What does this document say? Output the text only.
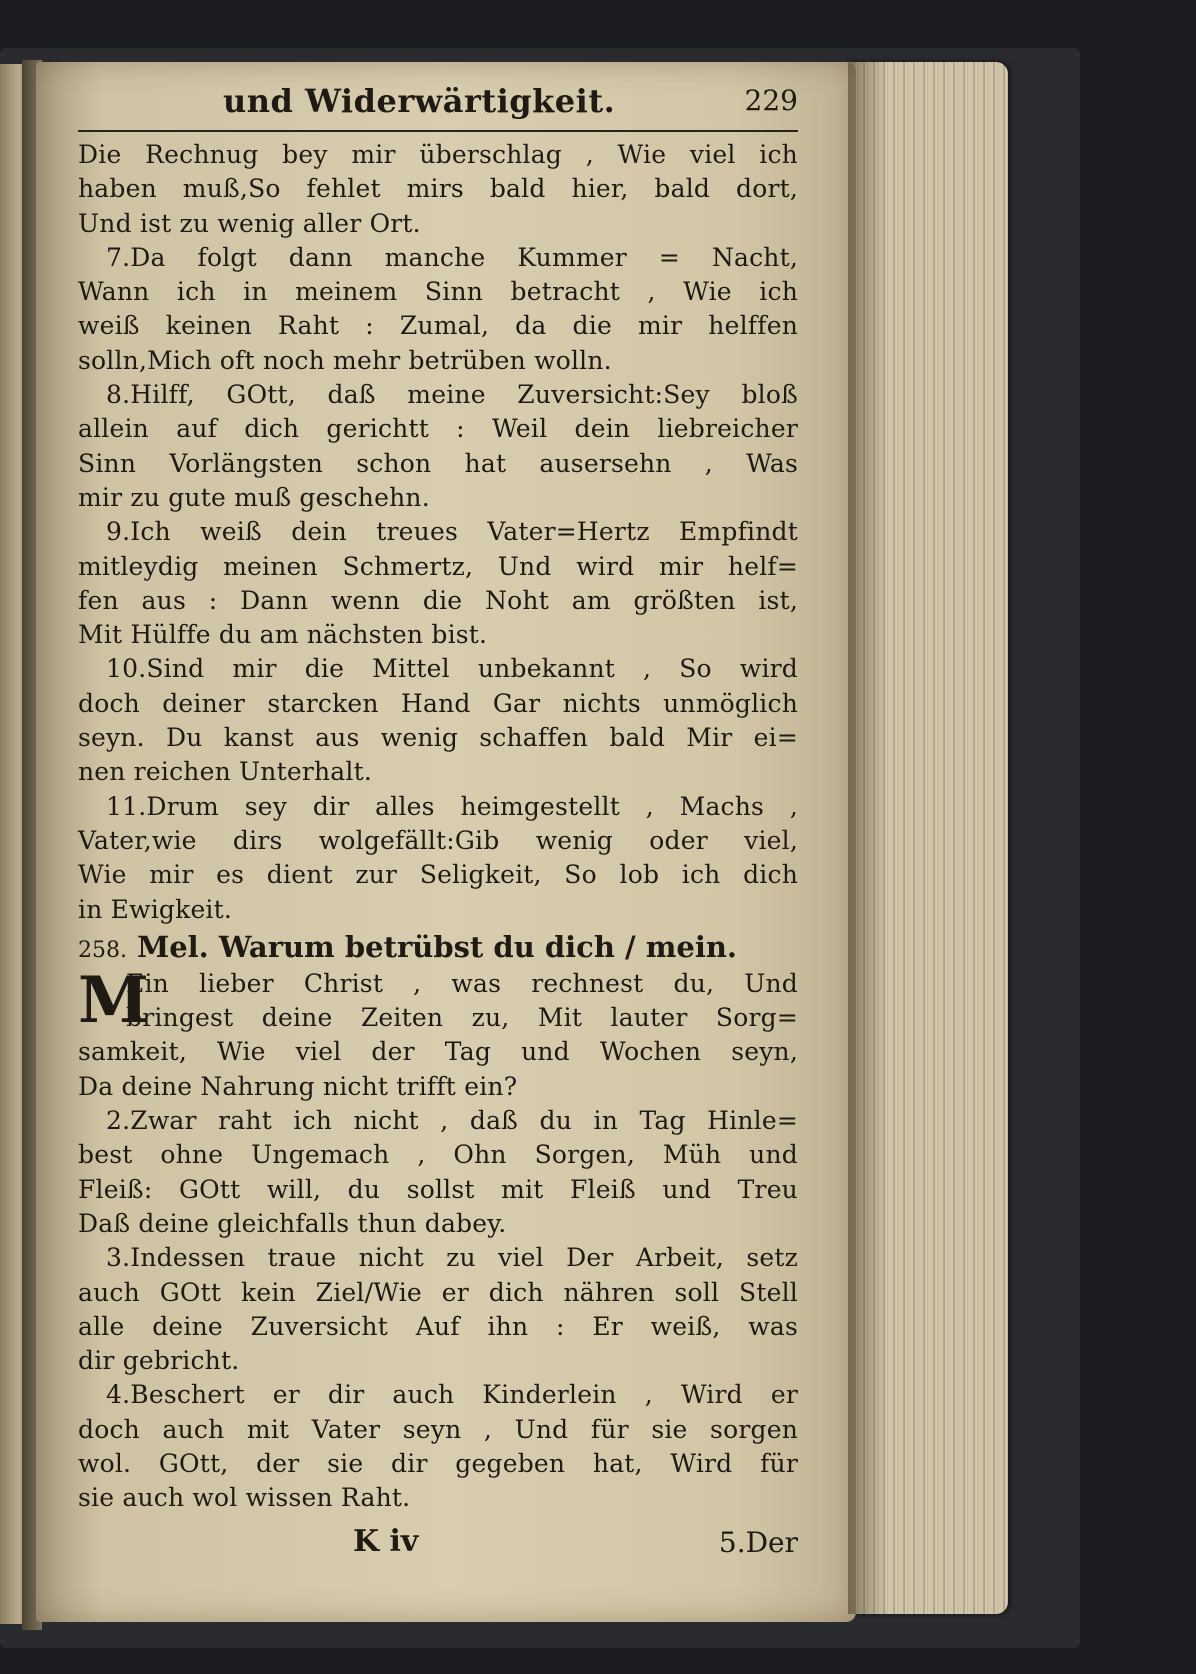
und Widerwärtigkeit.	229
Die Rechnug bey mir überschlag , Wie viel ich
haben muß,So fehlet mirs bald hier, bald dort,
Und ist zu wenig aller Ort.
7.Da folgt dann manche Kummer = Nacht,
Wann ich in meinem Sinn betracht , Wie ich
weiß keinen Raht : Zumal, da die mir helffen
solln,Mich oft noch mehr betrüben wolln.
8.Hilff, GOtt, daß meine Zuversicht:Sey bloß
allein auf dich gerichtt : Weil dein liebreicher
Sinn Vorlängsten schon hat ausersehn , Was
mir zu gute muß geschehn.
9.Ich weiß dein treues Vater=Hertz Empfindt
mitleydig meinen Schmertz, Und wird mir helf=
fen aus : Dann wenn die Noht am größten ist,
Mit Hülffe du am nächsten bist.
10.Sind mir die Mittel unbekannt , So wird
doch deiner starcken Hand Gar nichts unmöglich
seyn. Du kanst aus wenig schaffen bald Mir ei=
nen reichen Unterhalt.
11.Drum sey dir alles heimgestellt , Machs ,
Vater,wie dirs wolgefällt:Gib wenig oder viel,
Wie mir es dient zur Seligkeit, So lob ich dich
in Ewigkeit.
258. Mel. Warum betrübst du dich / mein.
M
Ein lieber Christ , was rechnest du, Und
bringest deine Zeiten zu, Mit lauter Sorg=
samkeit, Wie viel der Tag und Wochen seyn,
Da deine Nahrung nicht trifft ein?
2.Zwar raht ich nicht , daß du in Tag Hinle=
best ohne Ungemach , Ohn Sorgen, Müh und
Fleiß: GOtt will, du sollst mit Fleiß und Treu
Daß deine gleichfalls thun dabey.
3.Indessen traue nicht zu viel Der Arbeit, setz
auch GOtt kein Ziel/Wie er dich nähren soll Stell
alle deine Zuversicht Auf ihn : Er weiß, was
dir gebricht.
4.Beschert er dir auch Kinderlein , Wird er
doch auch mit Vater seyn , Und für sie sorgen
wol. GOtt, der sie dir gegeben hat, Wird für
sie auch wol wissen Raht.
K iv	5.Der
